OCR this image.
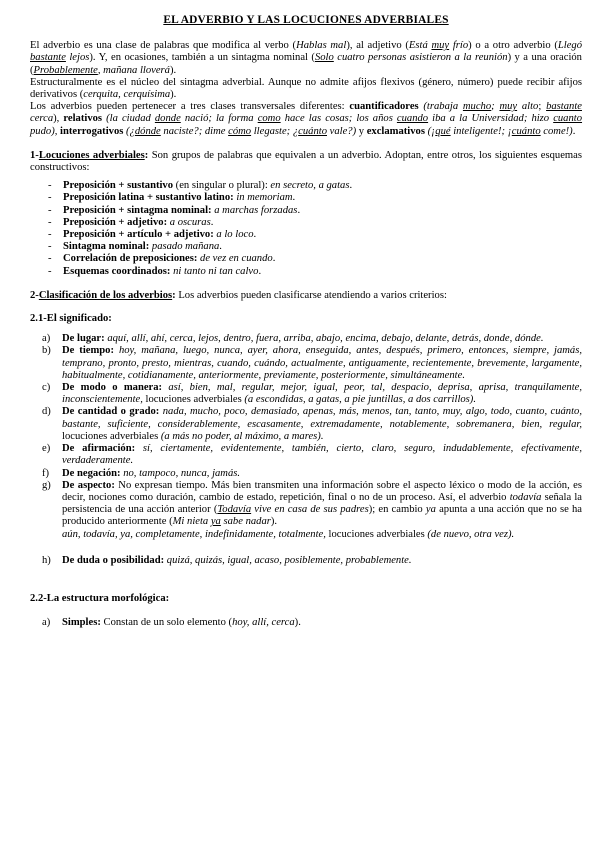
EL ADVERBIO Y LAS LOCUCIONES ADVERBIALES

El adverbio es una clase de palabras que modifica al verbo (Hablas mal), al adjetivo (Está muy frío) o a otro adverbio (Llegó bastante lejos). Y, en ocasiones, también a un sintagma nominal (Solo cuatro personas asistieron a la reunión) y a una oración (Probablemente, mañana lloverá).

Estructuralmente es el núcleo del sintagma adverbial. Aunque no admite afijos flexivos (género, número) puede recibir afijos derivativos (cerquita, cerquísima).

Los adverbios pueden pertenecer a tres clases transversales diferentes: cuantificadores (trabaja mucho; muy alto; bastante cerca), relativos (la ciudad donde nació; la forma como hace las cosas; los años cuando iba a la Universidad; hizo cuanto pudo), interrogativos (¿dónde naciste?; dime cómo llegaste; ¿cuánto vale?) y exclamativos (¡qué inteligente!; ¡cuánto come!).

1-Locuciones adverbiales: Son grupos de palabras que equivalen a un adverbio. Adoptan, entre otros, los siguientes esquemas constructivos:

- Preposición + sustantivo (en singular o plural): en secreto, a gatas.
- Preposición latina + sustantivo latino: in memoriam.
- Preposición + sintagma nominal: a marchas forzadas.
- Preposición + adjetivo: a oscuras.
- Preposición + artículo + adjetivo: a lo loco.
- Sintagma nominal: pasado mañana.
- Correlación de preposiciones: de vez en cuando.
- Esquemas coordinados: ni tanto ni tan calvo.

2-Clasificación de los adverbios: Los adverbios pueden clasificarse atendiendo a varios criterios:

2.1-El significado:

a) De lugar: aquí, allí, ahí, cerca, lejos, dentro, fuera, arriba, abajo, encima, debajo, delante, detrás, donde, dónde.
b) De tiempo: hoy, mañana, luego, nunca, ayer, ahora, enseguida, antes, después, primero, entonces, siempre, jamás, temprano, pronto, presto, mientras, cuando, cuándo, actualmente, antiguamente, recientemente, brevemente, largamente, habitualmente, cotidianamente, anteriormente, previamente, posteriormente, simultáneamente.
c) De modo o manera: así, bien, mal, regular, mejor, igual, peor, tal, despacio, deprisa, aprisa, tranquilamente, inconscientemente, locuciones adverbiales (a escondidas, a gatas, a pie juntillas, a dos carrillos).
d) De cantidad o grado: nada, mucho, poco, demasiado, apenas, más, menos, tan, tanto, muy, algo, todo, cuanto, cuánto, bastante, suficiente, considerablemente, escasamente, extremadamente, notablemente, sobremanera, bien, regular, locuciones adverbiales (a más no poder, al máximo, a mares).
e) De afirmación: sí, ciertamente, evidentemente, también, cierto, claro, seguro, indudablemente, efectivamente, verdaderamente.
f) De negación: no, tampoco, nunca, jamás.
g) De aspecto: No expresan tiempo. Más bien transmiten una información sobre el aspecto léxico o modo de la acción, es decir, nociones como duración, cambio de estado, repetición, final o no de un proceso. Así, el adverbio todavía señala la persistencia de una acción anterior (Todavía vive en casa de sus padres); en cambio ya apunta a una acción que no se ha producido anteriormente (Mi nieta ya sabe nadar).
aún, todavía, ya, completamente, indefinidamente, totalmente, locuciones adverbiales (de nuevo, otra vez).
h) De duda o posibilidad: quizá, quizás, igual, acaso, posiblemente, probablemente.

2.2-La estructura morfológica:

a) Simples: Constan de un solo elemento (hoy, allí, cerca).
